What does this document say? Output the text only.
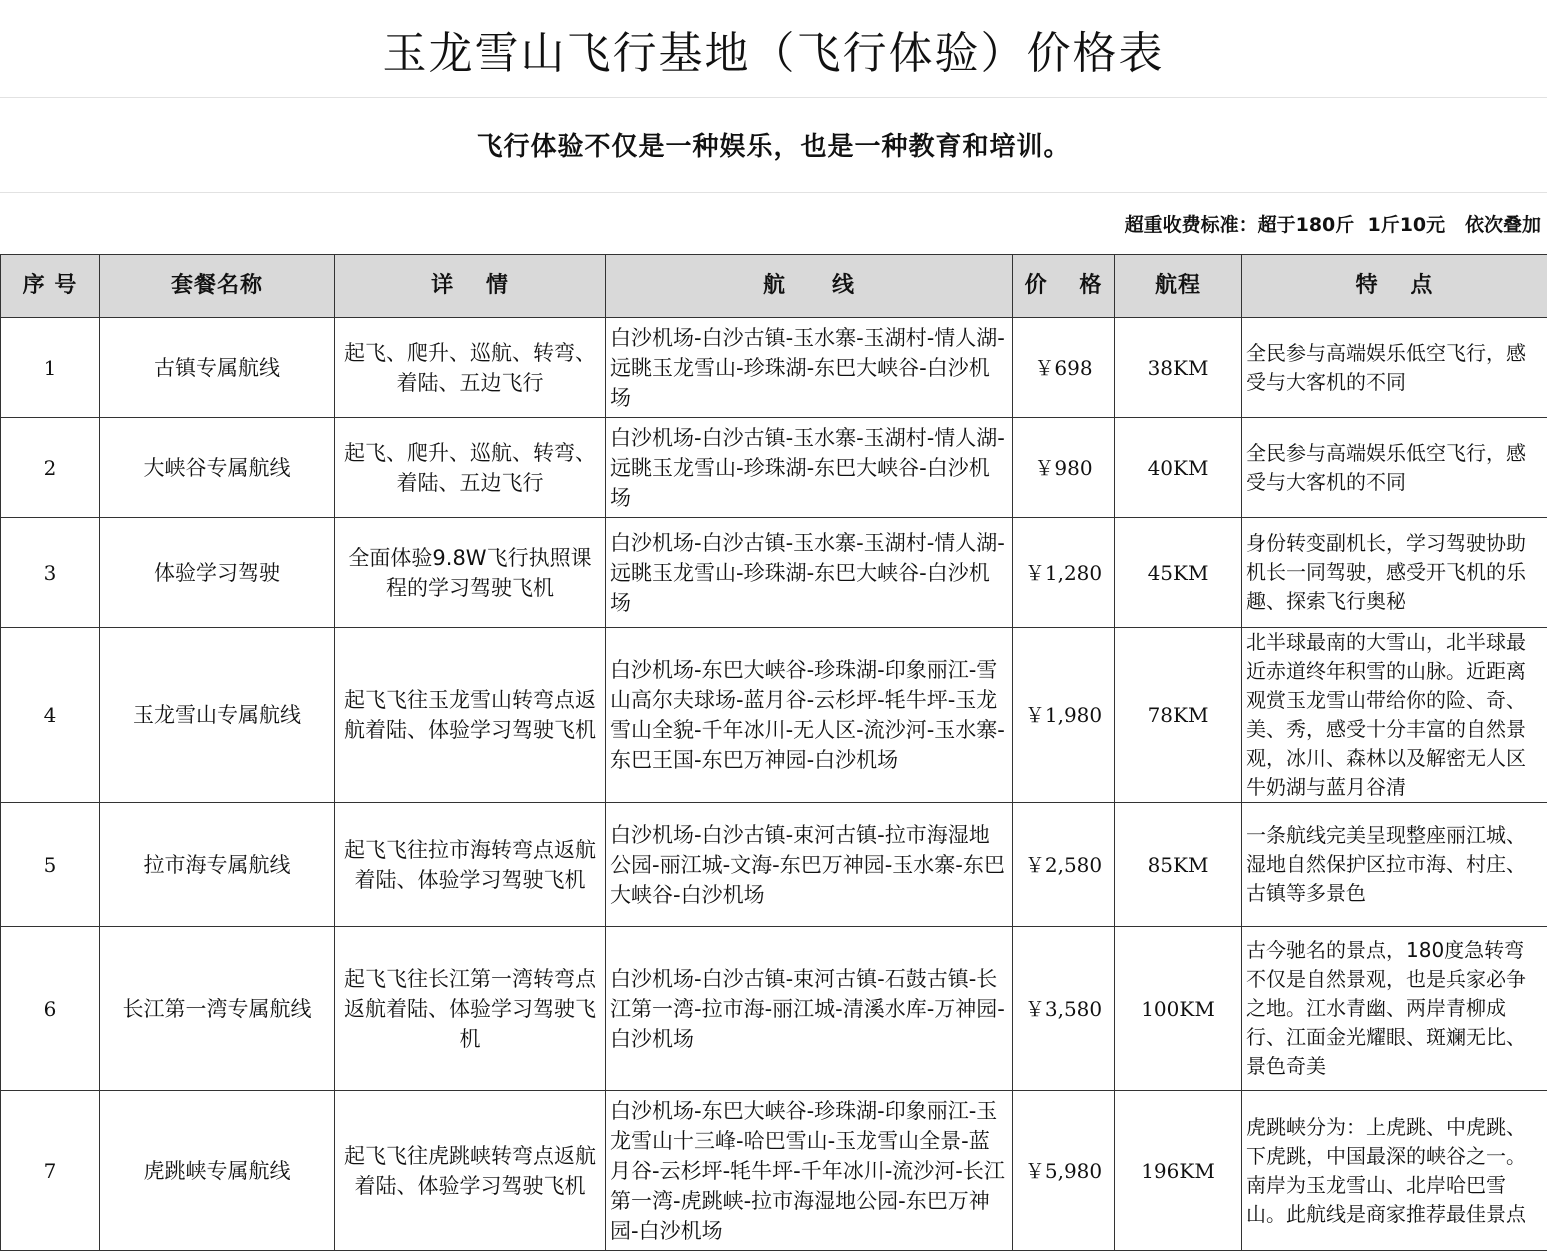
玉龙雪山飞行基地（飞行体验）价格表
飞行体验不仅是一种娱乐，也是一种教育和培训。
超重收费标准：超于180斤  1斤10元   依次叠加
序 号	套餐名称	详　 情	航　　线	价　 格	航程	特　 点
1	古镇专属航线	起飞、爬升、巡航、转弯、着陆、五边飞行	白沙机场-白沙古镇-玉水寨-玉湖村-情人湖-远眺玉龙雪山-珍珠湖-东巴大峡谷-白沙机场	￥698	38KM	全民参与高端娱乐低空飞行，感受与大客机的不同
2	大峡谷专属航线	起飞、爬升、巡航、转弯、着陆、五边飞行	白沙机场-白沙古镇-玉水寨-玉湖村-情人湖-远眺玉龙雪山-珍珠湖-东巴大峡谷-白沙机场	￥980	40KM	全民参与高端娱乐低空飞行，感受与大客机的不同
3	体验学习驾驶	全面体验9.8W飞行执照课程的学习驾驶飞机	白沙机场-白沙古镇-玉水寨-玉湖村-情人湖-远眺玉龙雪山-珍珠湖-东巴大峡谷-白沙机场	￥1,280	45KM	身份转变副机长，学习驾驶协助机长一同驾驶，感受开飞机的乐趣、探索飞行奥秘
4	玉龙雪山专属航线	起飞飞往玉龙雪山转弯点返航着陆、体验学习驾驶飞机	白沙机场-东巴大峡谷-珍珠湖-印象丽江-雪山高尔夫球场-蓝月谷-云杉坪-牦牛坪-玉龙雪山全貌-千年冰川-无人区-流沙河-玉水寨-东巴王国-东巴万神园-白沙机场	￥1,980	78KM	北半球最南的大雪山，北半球最近赤道终年积雪的山脉。近距离观赏玉龙雪山带给你的险、奇、美、秀，感受十分丰富的自然景观，冰川、森林以及解密无人区牛奶湖与蓝月谷清
5	拉市海专属航线	起飞飞往拉市海转弯点返航着陆、体验学习驾驶飞机	白沙机场-白沙古镇-束河古镇-拉市海湿地公园-丽江城-文海-东巴万神园-玉水寨-东巴大峡谷-白沙机场	￥2,580	85KM	一条航线完美呈现整座丽江城、湿地自然保护区拉市海、村庄、古镇等多景色
6	长江第一湾专属航线	起飞飞往长江第一湾转弯点返航着陆、体验学习驾驶飞机	白沙机场-白沙古镇-束河古镇-石鼓古镇-长江第一湾-拉市海-丽江城-清溪水库-万神园-白沙机场	￥3,580	100KM	古今驰名的景点，180度急转弯不仅是自然景观，也是兵家必争之地。江水青幽、两岸青柳成行、江面金光耀眼、斑斓无比、景色奇美
7	虎跳峡专属航线	起飞飞往虎跳峡转弯点返航着陆、体验学习驾驶飞机	白沙机场-东巴大峡谷-珍珠湖-印象丽江-玉龙雪山十三峰-哈巴雪山-玉龙雪山全景-蓝月谷-云杉坪-牦牛坪-千年冰川-流沙河-长江第一湾-虎跳峡-拉市海湿地公园-东巴万神园-白沙机场	￥5,980	196KM	虎跳峡分为：上虎跳、中虎跳、下虎跳，中国最深的峡谷之一。南岸为玉龙雪山、北岸哈巴雪山。此航线是商家推荐最佳景点
